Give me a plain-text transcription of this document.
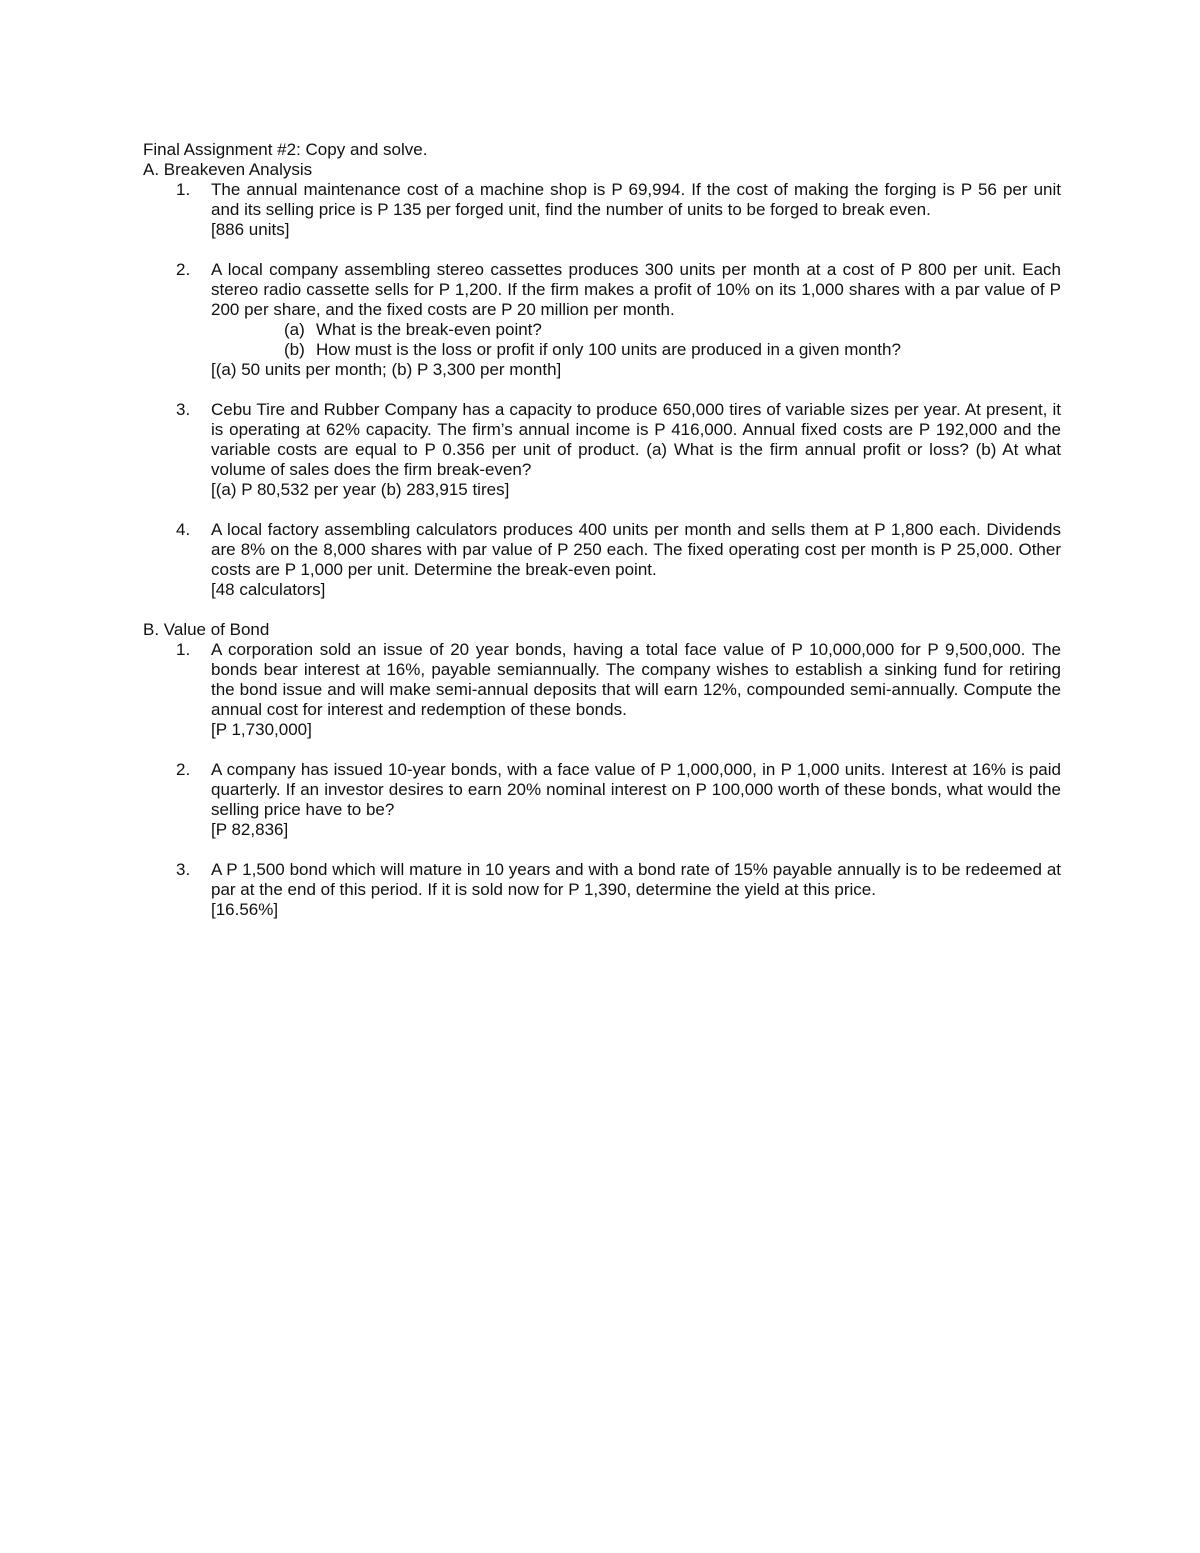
Final Assignment #2: Copy and solve.
A. Breakeven Analysis
1. The annual maintenance cost of a machine shop is P 69,994. If the cost of making the forging is P 56 per unit and its selling price is P 135 per forged unit, find the number of units to be forged to break even.
[886 units]
2. A local company assembling stereo cassettes produces 300 units per month at a cost of P 800 per unit. Each stereo radio cassette sells for P 1,200. If the firm makes a profit of 10% on its 1,000 shares with a par value of P 200 per share, and the fixed costs are P 20 million per month.
(a) What is the break-even point?
(b) How must is the loss or profit if only 100 units are produced in a given month?
[(a) 50 units per month; (b) P 3,300 per month]
3. Cebu Tire and Rubber Company has a capacity to produce 650,000 tires of variable sizes per year. At present, it is operating at 62% capacity. The firm’s annual income is P 416,000. Annual fixed costs are P 192,000 and the variable costs are equal to P 0.356 per unit of product. (a) What is the firm annual profit or loss? (b) At what volume of sales does the firm break-even?
[(a) P 80,532 per year (b) 283,915 tires]
4. A local factory assembling calculators produces 400 units per month and sells them at P 1,800 each. Dividends are 8% on the 8,000 shares with par value of P 250 each. The fixed operating cost per month is P 25,000. Other costs are P 1,000 per unit. Determine the break-even point.
[48 calculators]
B. Value of Bond
1. A corporation sold an issue of 20 year bonds, having a total face value of P 10,000,000 for P 9,500,000. The bonds bear interest at 16%, payable semiannually. The company wishes to establish a sinking fund for retiring the bond issue and will make semi-annual deposits that will earn 12%, compounded semi-annually. Compute the annual cost for interest and redemption of these bonds.
[P 1,730,000]
2. A company has issued 10-year bonds, with a face value of P 1,000,000, in P 1,000 units. Interest at 16% is paid quarterly. If an investor desires to earn 20% nominal interest on P 100,000 worth of these bonds, what would the selling price have to be?
[P 82,836]
3. A P 1,500 bond which will mature in 10 years and with a bond rate of 15% payable annually is to be redeemed at par at the end of this period. If it is sold now for P 1,390, determine the yield at this price.
[16.56%]
